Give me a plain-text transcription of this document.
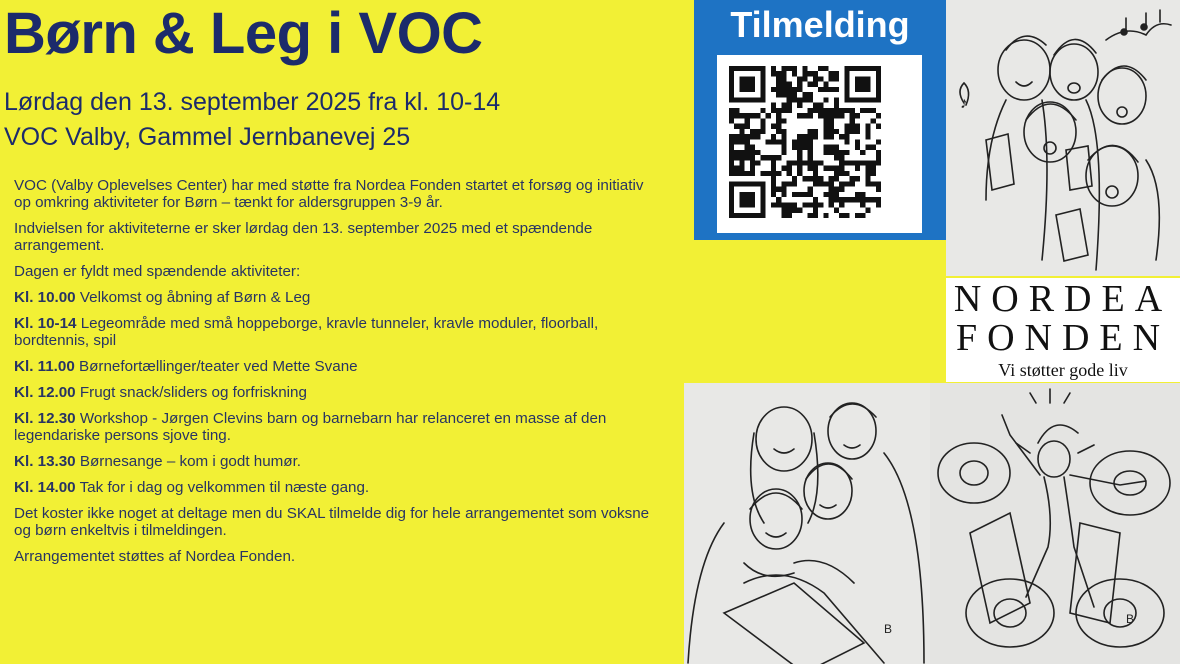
Børn & Leg i VOC
Lørdag den 13. september 2025 fra kl. 10-14
VOC Valby, Gammel Jernbanevej 25

VOC (Valby Oplevelses Center) har med støtte fra Nordea Fonden startet et forsøg og initiativ op omkring aktiviteter for Børn – tænkt for aldersgruppen 3-9 år.

Indvielsen for aktiviteterne er sker lørdag den 13. september 2025 med et spændende arrangement.

Dagen er fyldt med spændende aktiviteter:

Kl. 10.00 Velkomst og åbning af Børn & Leg

Kl. 10-14 Legeområde med små hoppeborge, kravle tunneler, kravle moduler, floorball, bordtennis, spil

Kl. 11.00 Børnefortællinger/teater ved Mette Svane

Kl. 12.00 Frugt snack/sliders og forfriskning

Kl. 12.30 Workshop - Jørgen Clevins barn og barnebarn har relanceret en masse af den legendariske persons sjove ting.

Kl. 13.30 Børnesange – kom i godt humør.

Kl. 14.00 Tak for i dag og velkommen til næste gang.

Det koster ikke noget at deltage men du SKAL tilmelde dig for hele arrangementet som voksne og børn enkeltvis i tilmeldingen.

Arrangementet støttes af Nordea Fonden.

Tilmelding
♪
NORDEA
FONDEN
Vi støtter gode liv
B
B
